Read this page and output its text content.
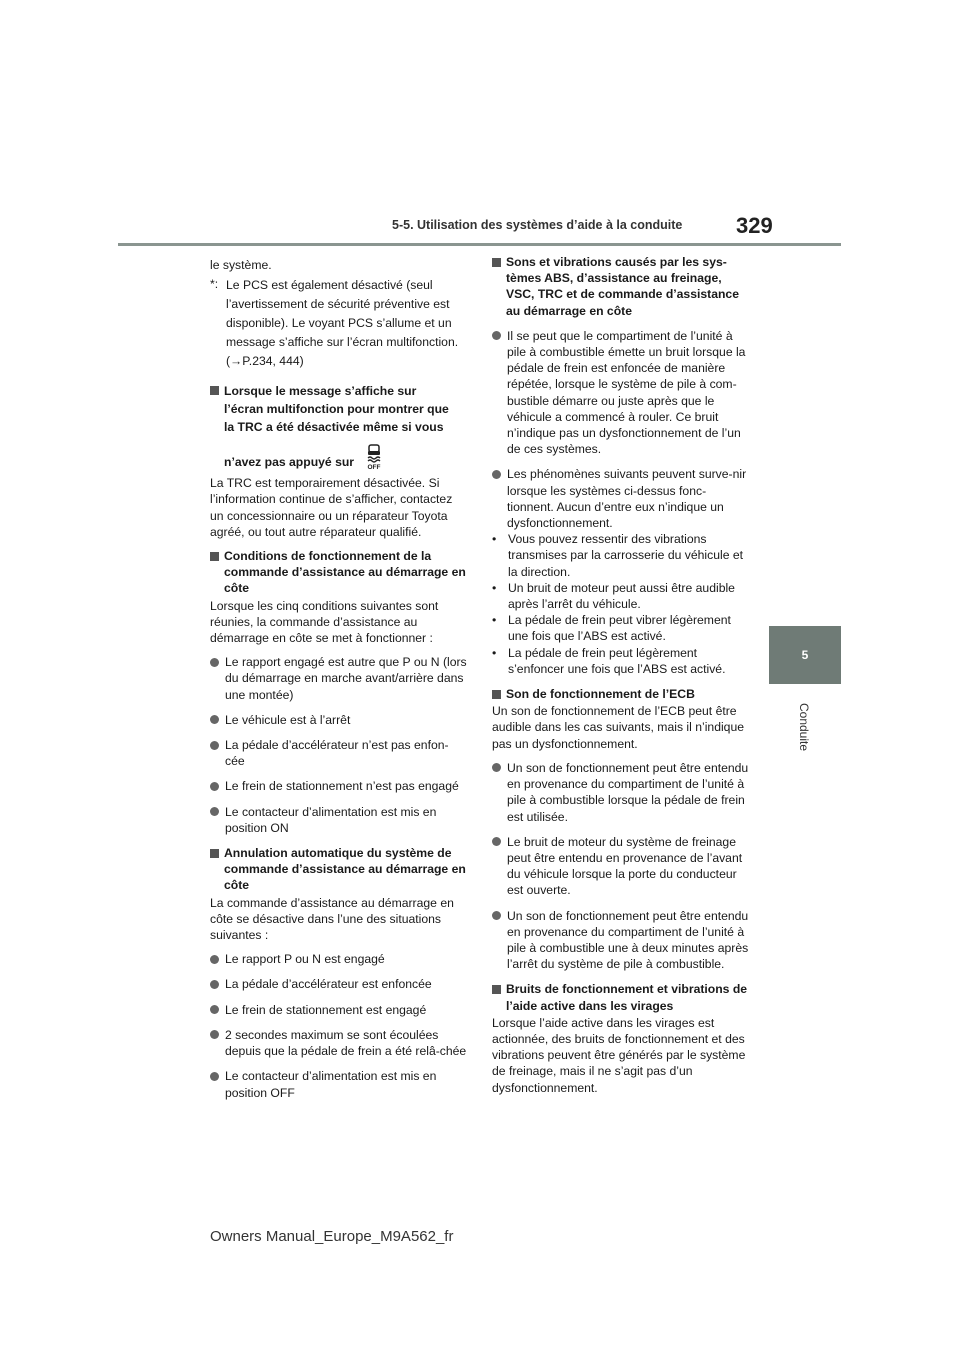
5-5. Utilisation des systèmes d’aide à la conduite	329
5
Conduite

le système.

*: Le PCS est également désactivé (seul
l’avertissement de sécurité préventive est
disponible). Le voyant PCS s’allume et un
message s’affiche sur l’écran multifonction.
(→P.234, 444)
Lorsque le message s’affiche sur
l’écran multifonction pour montrer que
la TRC a été désactivée même si vous
n’avez pas appuyé sur OFF

La TRC est temporairement désactivée. Si l’information continue de s’afficher, contactez un concessionnaire ou un réparateur Toyota agréé, ou tout autre réparateur qualifié.

Conditions de fonctionnement de la commande d’assistance au démarrage en côte

Lorsque les cinq conditions suivantes sont réunies, la commande d’assistance au démarrage en côte se met à fonctionner :

Le rapport engagé est autre que P ou N (lors du démarrage en marche avant/arrière dans une montée)
Le véhicule est à l’arrêt
La pédale d’accélérateur n’est pas enfon-cée
Le frein de stationnement n’est pas engagé
Le contacteur d’alimentation est mis en position ON
Annulation automatique du système de commande d’assistance au démarrage en côte

La commande d’assistance au démarrage en côte se désactive dans l’une des situations suivantes :

Le rapport P ou N est engagé
La pédale d’accélérateur est enfoncée
Le frein de stationnement est engagé
2 secondes maximum se sont écoulées depuis que la pédale de frein a été relâ-chée
Le contacteur d’alimentation est mis en position OFF
Sons et vibrations causés par les sys-tèmes ABS, d’assistance au freinage, VSC, TRC et de commande d’assistance au démarrage en côte
Il se peut que le compartiment de l’unité à pile à combustible émette un bruit lorsque la pédale de frein est enfoncée de manière répétée, lorsque le système de pile à com-bustible démarre ou juste après que le véhicule a commencé à rouler. Ce bruit n’indique pas un dysfonctionnement de l’un de ces systèmes.
Les phénomènes suivants peuvent surve-nir lorsque les systèmes ci-dessus fonc-tionnent. Aucun d’entre eux n’indique un dysfonctionnement.
• Vous pouvez ressentir des vibrations transmises par la carrosserie du véhicule et la direction.
• Un bruit de moteur peut aussi être audible après l’arrêt du véhicule.
• La pédale de frein peut vibrer légèrement une fois que l’ABS est activé.
• La pédale de frein peut légèrement s’enfoncer une fois que l’ABS est activé.
Son de fonctionnement de l’ECB

Un son de fonctionnement de l’ECB peut être audible dans les cas suivants, mais il n’indique pas un dysfonctionnement.

Un son de fonctionnement peut être entendu en provenance du compartiment de l’unité à pile à combustible lorsque la pédale de frein est utilisée.
Le bruit de moteur du système de freinage peut être entendu en provenance de l’avant du véhicule lorsque la porte du conducteur est ouverte.
Un son de fonctionnement peut être entendu en provenance du compartiment de l’unité à pile à combustible une à deux minutes après l’arrêt du système de pile à combustible.
Bruits de fonctionnement et vibrations de l’aide active dans les virages

Lorsque l’aide active dans les virages est actionnée, des bruits de fonctionnement et des vibrations peuvent être générés par le système de freinage, mais il ne s’agit pas d’un dysfonctionnement.

Owners Manual_Europe_M9A562_fr
